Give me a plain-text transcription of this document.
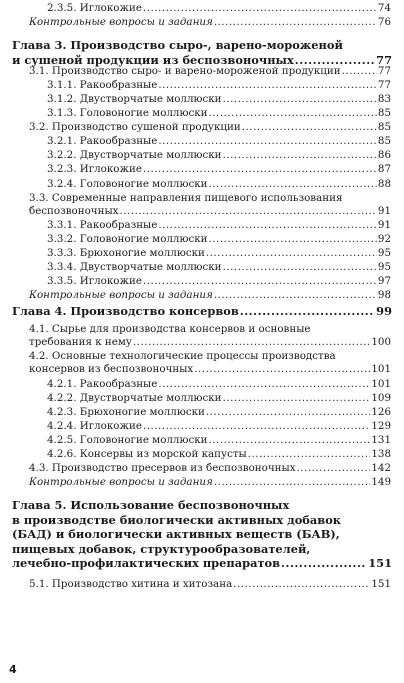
2.3.5. Иглокожие .....	74
Контрольные вопросы и задания .....	76
Глава 3. Производство сыро-, варено-мороженой
и сушеной продукции из беспозвоночных .....	77
3.1. Производство сыро- и варено-мороженой продукции .....	77
3.1.1. Ракообразные .....	77
3.1.2. Двустворчатые моллюски .....	83
3.1.3. Головоногие моллюски .....	85
3.2. Производство сушеной продукции .....	85
3.2.1. Ракообразные .....	85
3.2.2. Двустворчатые моллюски .....	86
3.2.3. Иглокожие .....	87
3.2.4. Головоногие моллюски .....	88
3.3. Современные направления пищевого использования
беспозвоночных .....	91
3.3.1. Ракообразные .....	91
3.3.2. Головоногие моллюски .....	92
3.3.3. Брюхоногие моллюски .....	95
3.3.4. Двустворчатые моллюски .....	95
3.3.5. Иглокожие .....	97
Контрольные вопросы и задания .....	98
Глава 4. Производство консервов .....	99
4.1. Сырье для производства консервов и основные
требования к нему .....	100
4.2. Основные технологические процессы производства
консервов из беспозвоночных .....	101
4.2.1. Ракообразные .....	101
4.2.2. Двустворчатые моллюски .....	109
4.2.3. Брюхоногие моллюски .....	126
4.2.4. Иглокожие .....	129
4.2.5. Головоногие моллюски .....	131
4.2.6. Консервы из морской капусты .....	138
4.3. Производство пресервов из беспозвоночных .....	142
Контрольные вопросы и задания .....	149
Глава 5. Использование беспозвоночных
в производстве биологически активных добавок
(БАД) и биологически активных веществ (БАВ),
пищевых добавок, структурообразователей,
лечебно-профилактических препаратов .....	151
5.1. Производство хитина и хитозана .....	151
4
